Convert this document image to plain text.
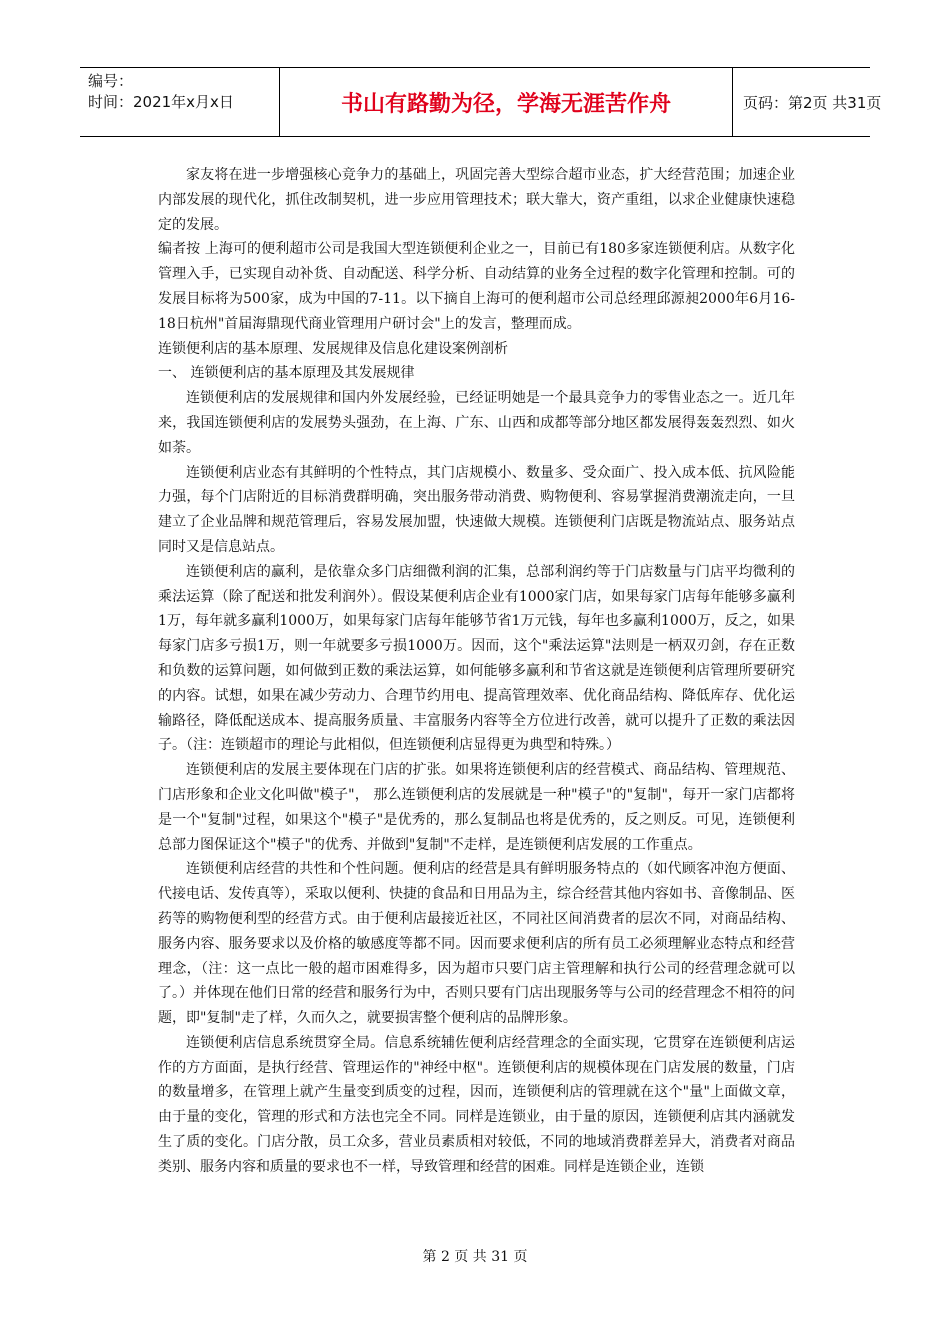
编号：
时间：2021年x月x日	书山有路勤为径，学海无涯苦作舟	页码：第2页 共31页

家友将在进一步增强核心竞争力的基础上，巩固完善大型综合超市业态，扩大经营范围；加速企业内部发展的现代化，抓住改制契机，进一步应用管理技术；联大靠大，资产重组，以求企业健康快速稳定的发展。

编者按 上海可的便利超市公司是我国大型连锁便利企业之一，目前已有180多家连锁便利店。从数字化管理入手，已实现自动补货、自动配送、科学分析、自动结算的业务全过程的数字化管理和控制。可的发展目标将为500家，成为中国的7-11。以下摘自上海可的便利超市公司总经理邱源昶2000年6月16-18日杭州"首届海鼎现代商业管理用户研讨会"上的发言，整理而成。

连锁便利店的基本原理、发展规律及信息化建设案例剖析

一、 连锁便利店的基本原理及其发展规律

连锁便利店的发展规律和国内外发展经验，已经证明她是一个最具竞争力的零售业态之一。近几年来，我国连锁便利店的发展势头强劲，在上海、广东、山西和成都等部分地区都发展得轰轰烈烈、如火如荼。

连锁便利店业态有其鲜明的个性特点，其门店规模小、数量多、受众面广、投入成本低、抗风险能力强，每个门店附近的目标消费群明确，突出服务带动消费、购物便利、容易掌握消费潮流走向，一旦建立了企业品牌和规范管理后，容易发展加盟，快速做大规模。连锁便利门店既是物流站点、服务站点同时又是信息站点。

连锁便利店的赢利，是依靠众多门店细微利润的汇集，总部利润约等于门店数量与门店平均微利的乘法运算（除了配送和批发利润外）。假设某便利店企业有1000家门店，如果每家门店每年能够多赢利1万，每年就多赢利1000万，如果每家门店每年能够节省1万元钱，每年也多赢利1000万，反之，如果每家门店多亏损1万，则一年就要多亏损1000万。因而，这个"乘法运算"法则是一柄双刃剑，存在正数和负数的运算问题，如何做到正数的乘法运算，如何能够多赢利和节省这就是连锁便利店管理所要研究的内容。试想，如果在减少劳动力、合理节约用电、提高管理效率、优化商品结构、降低库存、优化运输路径，降低配送成本、提高服务质量、丰富服务内容等全方位进行改善，就可以提升了正数的乘法因子。（注：连锁超市的理论与此相似，但连锁便利店显得更为典型和特殊。）

连锁便利店的发展主要体现在门店的扩张。如果将连锁便利店的经营模式、商品结构、管理规范、门店形象和企业文化叫做"模子"， 那么连锁便利店的发展就是一种"模子"的"复制"，每开一家门店都将是一个"复制"过程，如果这个"模子"是优秀的，那么复制品也将是优秀的，反之则反。可见，连锁便利总部力图保证这个"模子"的优秀、并做到"复制"不走样，是连锁便利店发展的工作重点。

连锁便利店经营的共性和个性问题。便利店的经营是具有鲜明服务特点的（如代顾客冲泡方便面、代接电话、发传真等），采取以便利、快捷的食品和日用品为主，综合经营其他内容如书、音像制品、医药等的购物便利型的经营方式。由于便利店最接近社区，不同社区间消费者的层次不同，对商品结构、服务内容、服务要求以及价格的敏感度等都不同。因而要求便利店的所有员工必须理解业态特点和经营理念，（注：这一点比一般的超市困难得多，因为超市只要门店主管理解和执行公司的经营理念就可以了。）并体现在他们日常的经营和服务行为中，否则只要有门店出现服务等与公司的经营理念不相符的问题，即"复制"走了样，久而久之，就要损害整个便利店的品牌形象。

连锁便利店信息系统贯穿全局。信息系统辅佐便利店经营理念的全面实现，它贯穿在连锁便利店运作的方方面面，是执行经营、管理运作的"神经中枢"。连锁便利店的规模体现在门店发展的数量，门店的数量增多，在管理上就产生量变到质变的过程，因而，连锁便利店的管理就在这个"量"上面做文章，由于量的变化，管理的形式和方法也完全不同。同样是连锁业，由于量的原因，连锁便利店其内涵就发生了质的变化。门店分散，员工众多，营业员素质相对较低，不同的地域消费群差异大，消费者对商品类别、服务内容和质量的要求也不一样，导致管理和经营的困难。同样是连锁企业，连锁

第 2 页 共 31 页
